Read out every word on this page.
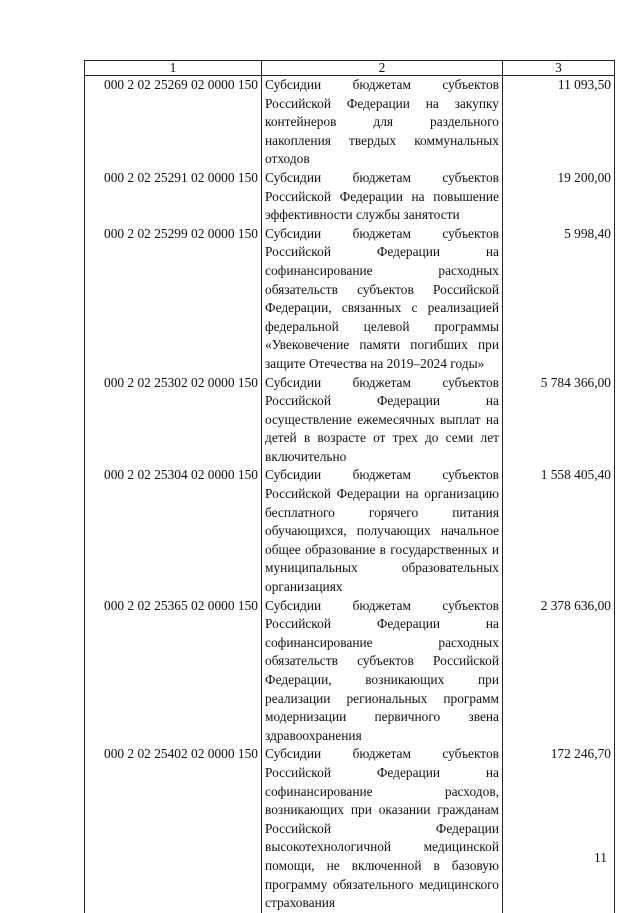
1	2	3
000 2 02 25269 02 0000 150	Субсидии бюджетам субъектов Российской Федерации на закупку контейнеров для раздельного накопления твердых коммунальных отходов	11 093,50
000 2 02 25291 02 0000 150	Субсидии бюджетам субъектов Российской Федерации на повышение эффективности службы занятости	19 200,00
000 2 02 25299 02 0000 150	Субсидии бюджетам субъектов Российской Федерации на софинансирование расходных обязательств субъектов Российской Федерации, связанных с реализацией федеральной целевой программы «Увековечение памяти погибших при защите Отечества на 2019–2024 годы»	5 998,40
000 2 02 25302 02 0000 150	Субсидии бюджетам субъектов Российской Федерации на осуществление ежемесячных выплат на детей в возрасте от трех до семи лет включительно	5 784 366,00
000 2 02 25304 02 0000 150	Субсидии бюджетам субъектов Российской Федерации на организацию бесплатного горячего питания обучающихся, получающих начальное общее образование в государственных и муниципальных образовательных организациях	1 558 405,40
000 2 02 25365 02 0000 150	Субсидии бюджетам субъектов Российской Федерации на софинансирование расходных обязательств субъектов Российской Федерации, возникающих при реализации региональных программ модернизации первичного звена здравоохранения	2 378 636,00
000 2 02 25402 02 0000 150	Субсидии бюджетам субъектов Российской Федерации на софинансирование расходов, возникающих при оказании гражданам Российской Федерации высокотехнологичной медицинской помощи, не включенной в базовую программу обязательного медицинского страхования	172 246,70
11
